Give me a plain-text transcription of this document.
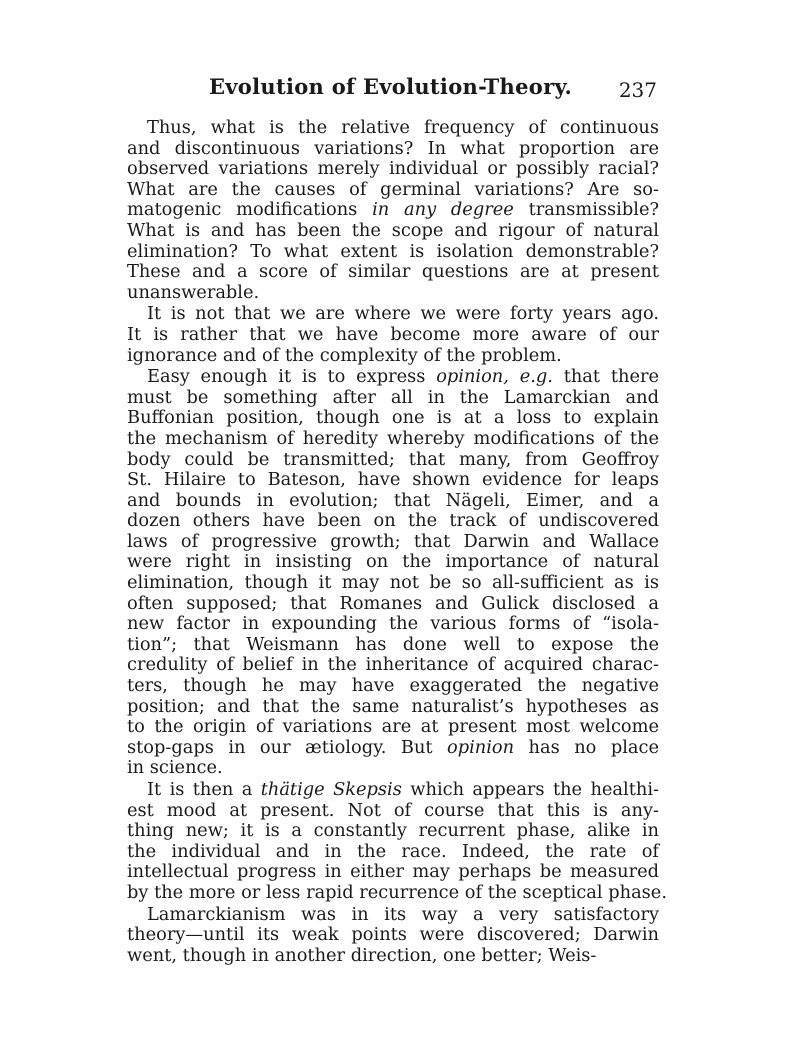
Evolution of Evolution-Theory. 237
Thus, what is the relative frequency of continuous
and discontinuous variations? In what proportion are
observed variations merely individual or possibly racial?
What are the causes of germinal variations? Are so-
matogenic modifications in any degree transmissible?
What is and has been the scope and rigour of natural
elimination? To what extent is isolation demonstrable?
These and a score of similar questions are at present
unanswerable.
It is not that we are where we were forty years ago.
It is rather that we have become more aware of our
ignorance and of the complexity of the problem.
Easy enough it is to express opinion, e.g. that there
must be something after all in the Lamarckian and
Buffonian position, though one is at a loss to explain
the mechanism of heredity whereby modifications of the
body could be transmitted; that many, from Geoffroy
St. Hilaire to Bateson, have shown evidence for leaps
and bounds in evolution; that Nägeli, Eimer, and a
dozen others have been on the track of undiscovered
laws of progressive growth; that Darwin and Wallace
were right in insisting on the importance of natural
elimination, though it may not be so all-sufficient as is
often supposed; that Romanes and Gulick disclosed a
new factor in expounding the various forms of “isola-
tion”; that Weismann has done well to expose the
credulity of belief in the inheritance of acquired charac-
ters, though he may have exaggerated the negative
position; and that the same naturalist’s hypotheses as
to the origin of variations are at present most welcome
stop-gaps in our ætiology. But opinion has no place
in science.
It is then a thätige Skepsis which appears the healthi-
est mood at present. Not of course that this is any-
thing new; it is a constantly recurrent phase, alike in
the individual and in the race. Indeed, the rate of
intellectual progress in either may perhaps be measured
by the more or less rapid recurrence of the sceptical phase.
Lamarckianism was in its way a very satisfactory
theory—until its weak points were discovered; Darwin
went, though in another direction, one better; Weis-
